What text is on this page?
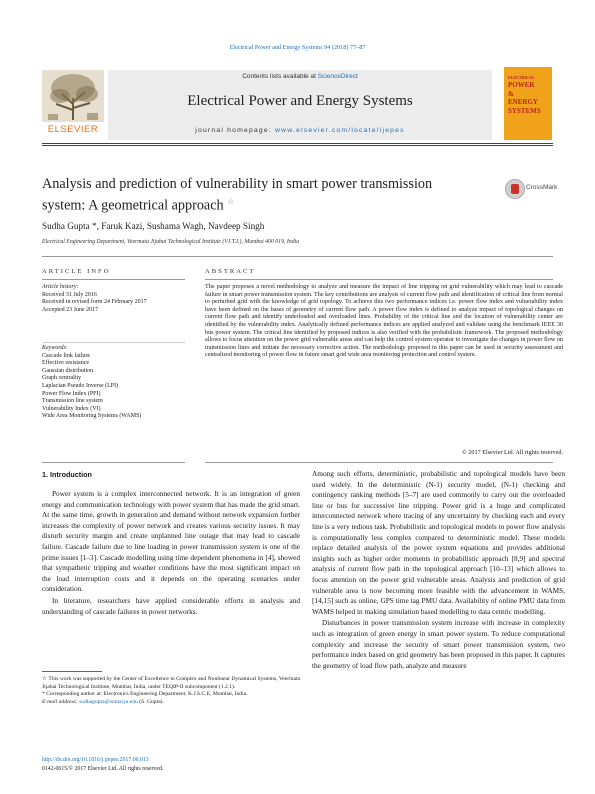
Electrical Power and Energy Systems 94 (2018) 77–87
ELSEVIER
Contents lists available at ScienceDirect
Electrical Power and Energy Systems
journal homepage: www.elsevier.com/locate/ijepes
ELECTRICAL
POWER
&
ENERGY
SYSTEMS
Analysis and prediction of vulnerability in smart power transmission
system: A geometrical approach ☆
CrossMark
Sudha Gupta *, Faruk Kazi, Sushama Wagh, Navdeep Singh
Electrical Engineering Department, Veermata Jijabai Technological Institute (VJ.T.I.), Mumbai 400 019, India
ARTICLE INFO
Article history:
Received 31 July 2016
Received in revised form 24 February 2017
Accepted 23 June 2017
Keywords:
Cascade link failure
Effective resistance
Gaussian distribution
Graph centrality
Laplacian Pseudo Inverse (LPI)
Power Flow Index (PFI)
Transmission line system
Vulnerability Index (VI)
Wide Area Monitoring Systems (WAMS)
ABSTRACT
The paper proposes a novel methodology to analyze and measure the impact of line tripping on grid vulnerability which may lead to cascade failure in smart power transmission system. The key contributions are analysis of current flow path and identification of critical line from normal to perturbed grid with the knowledge of grid topology. To achieve this two performance indices i.e. power flow index and vulnerability index have been defined on the bases of geometry of current flow path. A power flow index is defined to analyze impact of topological changes on current flow path and identify underloaded and overloaded lines. Probability of the critical line and the location of vulnerability center are identified by the vulnerability index. Analytically defined performance indices are applied analyzed and validate using the benchmark IEEE 30 bus power system. The critical line identified by proposed indices is also verified with the probabilistic framework. The proposed methodology allows to focus attention on the power grid vulnerable areas and can help the control system operator to investigate the changes in power flow on transmission lines and initiate the necessary corrective action. The methodology proposed in this paper can be used in security assessment and centralized monitoring of power flow in future smart grid wide area monitoring protection and control system.
© 2017 Elsevier Ltd. All rights reserved.
1. Introduction

Power system is a complex interconnected network. It is an integration of green energy and communication technology with power system that has made the grid smart. At the same time, growth in generation and demand without network expansion further increases the complexity of power network and creates various security issues. It may disturb security margin and create unplanned line outage that may lead to cascade failure. Cascade failure due to line loading in power transmission system is one of the prime issues [1–3]. Cascade modelling using time dependent phenomena in [4], showed that sympathetic tripping and weather conditions have the most significant impact on the load interruption costs and it depends on the operating scenarios under consideration.

In literature, researchers have applied considerable efforts in analysis and understanding of cascade failures in power networks.

Among such efforts, deterministic, probabilistic and topological models have been used widely. In the deterministic (N-1) security model, (N-1) checking and contingency ranking methods [5–7] are used commonly to carry out the overloaded line or bus for successive line tripping. Power grid is a huge and complicated interconnected network where tracing of any uncertainty by checking each and every line is a very tedious task. Probabilistic and topological models to power flow analysis is computationally less complex compared to deterministic model. These models replace detailed analysis of the power system equations and provides additional insights such as higher order moments in probabilistic approach [8,9] and spectral analysis of current flow path in the topological approach [10–13] which allows to focus attention on the power grid vulnerable areas. Analysis and prediction of grid vulnerable area is now becoming more feasible with the advancement in WAMS, [14,15] such as online, GPS time tag PMU data. Availability of online PMU data from WAMS helped in making simulation based modelling to data centric modelling.

Disturbances in power transmission system increase with increase in complexity such as integration of green energy in smart power system. To reduce computational complexity and increase the security of smart power transmission system, two performance index based on grid geometry has been proposed in this paper. It captures the geometry of load flow path, analyze and measure

☆ This work was supported by the Center of Excellence in Complex and Nonlinear Dynamical Systems, Veermata Jijabai Technological Institute, Mumbai, India, under TEQIP-II subcomponent (1.2.1).

* Corresponding author at: Electronics Engineering Department, K.J.S.C.E, Mumbai, India.

E-mail address: sudhagupta@somaiya.edu (S. Gupta).

http://dx.doi.org/10.1016/j.ijepes.2017.06.013
0142-0615/© 2017 Elsevier Ltd. All rights reserved.
